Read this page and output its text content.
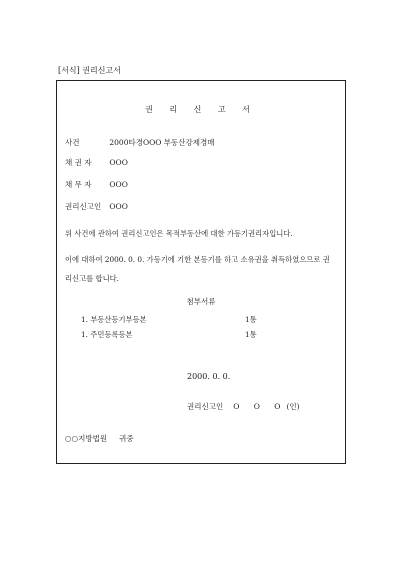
[서식] 권리신고서
권 리 신 고 서
사건	2000타경OOO 부동산강제경매
채 권 자 OOO
채 무 자 OOO
권리신고인 OOO
위 사건에 관하여 권리신고인은 목적부동산에 대한 가등기권리자입니다.
이에 대하여 2000. 0. 0. 가등기에 기한 본등기를 하고 소유권을 취득하였으므로 권리신고를 합니다.
첨부서류
1. 부동산등기부등본	1통
1. 주민등록등본	1통
2000. 0. 0.
권리신고인 O O O(인)
○○지방법원 귀중
